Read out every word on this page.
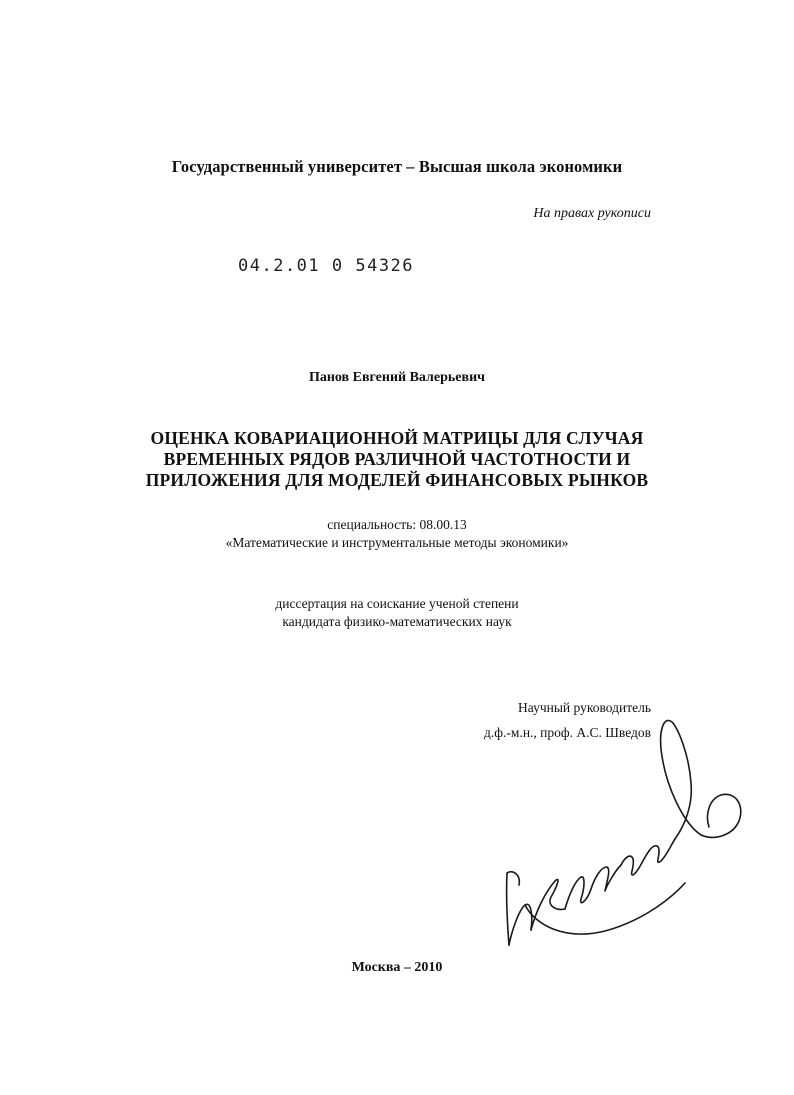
Государственный университет – Высшая школа экономики
На правах рукописи
04.2.01 0 54326
Панов Евгений Валерьевич
ОЦЕНКА КОВАРИАЦИОННОЙ МАТРИЦЫ ДЛЯ СЛУЧАЯ
ВРЕМЕННЫХ РЯДОВ РАЗЛИЧНОЙ ЧАСТОТНОСТИ И
ПРИЛОЖЕНИЯ ДЛЯ МОДЕЛЕЙ ФИНАНСОВЫХ РЫНКОВ
специальность: 08.00.13
«Математические и инструментальные методы экономики»
диссертация на соискание ученой степени
кандидата физико-математических наук
Научный руководитель
д.ф.-м.н., проф. А.С. Шведов
Москва – 2010
